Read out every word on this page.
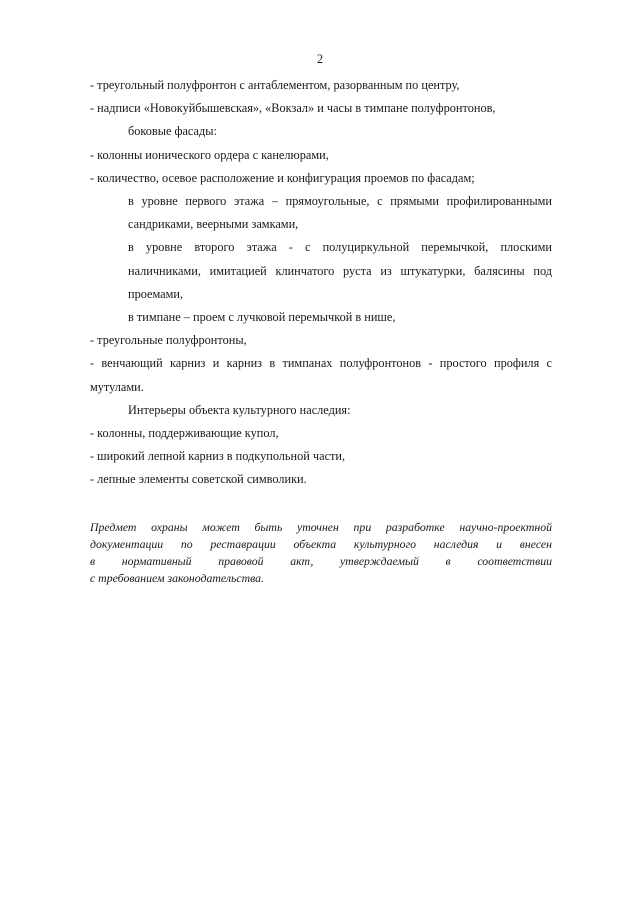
2

- треугольный полуфронтон с антаблементом, разорванным по центру,

- надписи «Новокуйбышевская», «Вокзал» и часы в тимпане полуфронтонов,

боковые фасады:

- колонны ионического ордера с канелюрами,

- количество, осевое расположение и конфигурация проемов по фасадам;

в уровне первого этажа – прямоугольные, с прямыми профилированными сандриками, веерными замками,

в уровне второго этажа - с полуциркульной перемычкой, плоскими наличниками, имитацией клинчатого руста из штукатурки, балясины под проемами,

в тимпане – проем с лучковой перемычкой в нише,

- треугольные полуфронтоны,

- венчающий карниз и карниз в тимпанах полуфронтонов - простого профиля с мутулами.

Интерьеры объекта культурного наследия:

- колонны, поддерживающие купол,

- широкий лепной карниз в подкупольной части,

- лепные элементы советской символики.

Предмет охраны может быть уточнен при разработке научно-проектной
документации по реставрации объекта культурного наследия и внесен
в нормативный правовой акт, утверждаемый в соответствии
с требованием законодательства.
